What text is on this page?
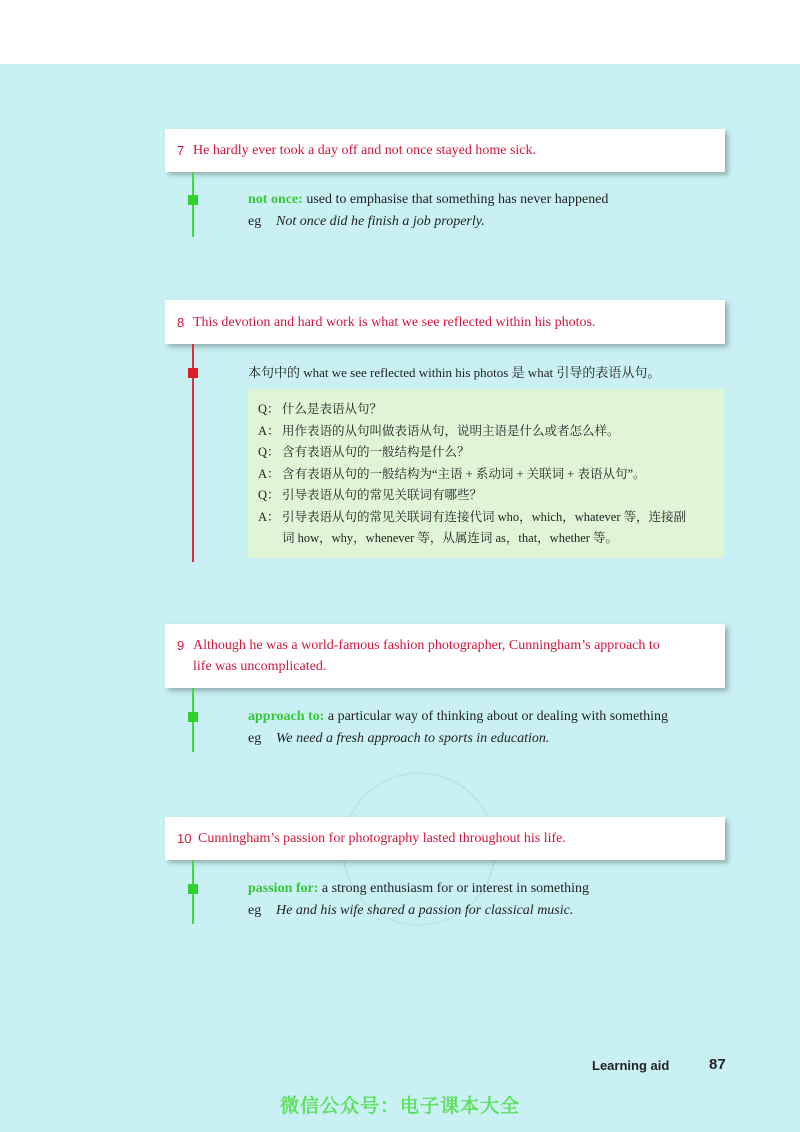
7 He hardly ever took a day off and not once stayed home sick.
not once: used to emphasise that something has never happened
eg Not once did he finish a job properly.
8 This devotion and hard work is what we see reflected within his photos.
本句中的 what we see reflected within his photos 是 what 引导的表语从句。
Q： 什么是表语从句？
A： 用作表语的从句叫做表语从句，说明主语是什么或者怎么样。
Q： 含有表语从句的一般结构是什么？
A： 含有表语从句的一般结构为“主语 + 系动词 + 关联词 + 表语从句”。
Q： 引导表语从句的常见关联词有哪些？
A： 引导表语从句的常见关联词有连接代词 who，which，whatever 等，连接副
词 how，why，whenever 等，从属连词 as，that，whether 等。
9 Although he was a world-famous fashion photographer, Cunningham’s approach to
life was uncomplicated.
approach to: a particular way of thinking about or dealing with something
eg We need a fresh approach to sports in education.
10 Cunningham’s passion for photography lasted throughout his life.
passion for: a strong enthusiasm for or interest in something
eg He and his wife shared a passion for classical music.
Learning aid	87
微信公众号：电子课本大全
